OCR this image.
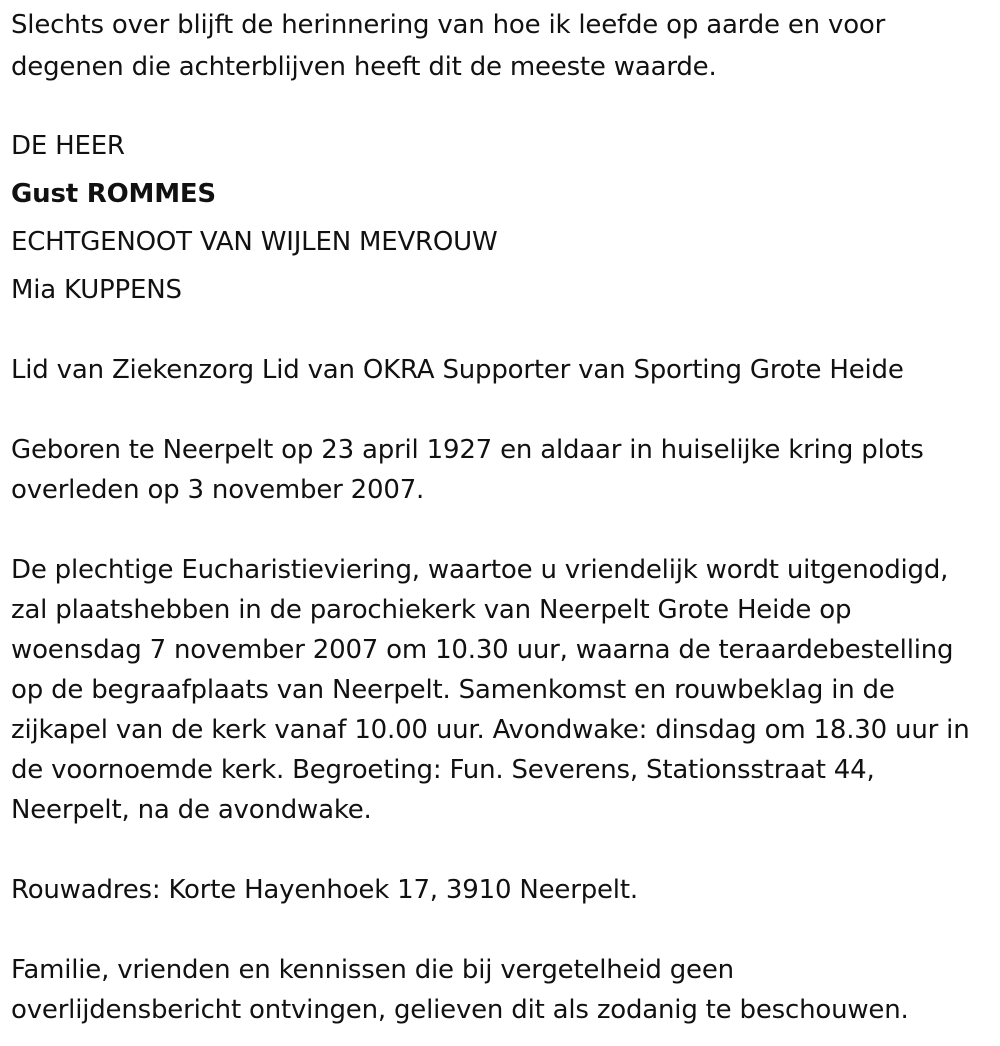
Slechts over blijft de herinnering van hoe ik leefde op aarde en voor

degenen die achterblijven heeft dit de meeste waarde.

DE HEER

Gust ROMMES

ECHTGENOOT VAN WIJLEN MEVROUW

Mia KUPPENS

Lid van Ziekenzorg Lid van OKRA Supporter van Sporting Grote Heide

Geboren te Neerpelt op 23 april 1927 en aldaar in huiselijke kring plots

overleden op 3 november 2007.

De plechtige Eucharistieviering, waartoe u vriendelijk wordt uitgenodigd,

zal plaatshebben in de parochiekerk van Neerpelt Grote Heide op

woensdag 7 november 2007 om 10.30 uur, waarna de teraardebestelling

op de begraafplaats van Neerpelt. Samenkomst en rouwbeklag in de

zijkapel van de kerk vanaf 10.00 uur. Avondwake: dinsdag om 18.30 uur in

de voornoemde kerk. Begroeting: Fun. Severens, Stationsstraat 44,

Neerpelt, na de avondwake.

Rouwadres: Korte Hayenhoek 17, 3910 Neerpelt.

Familie, vrienden en kennissen die bij vergetelheid geen

overlijdensbericht ontvingen, gelieven dit als zodanig te beschouwen.
